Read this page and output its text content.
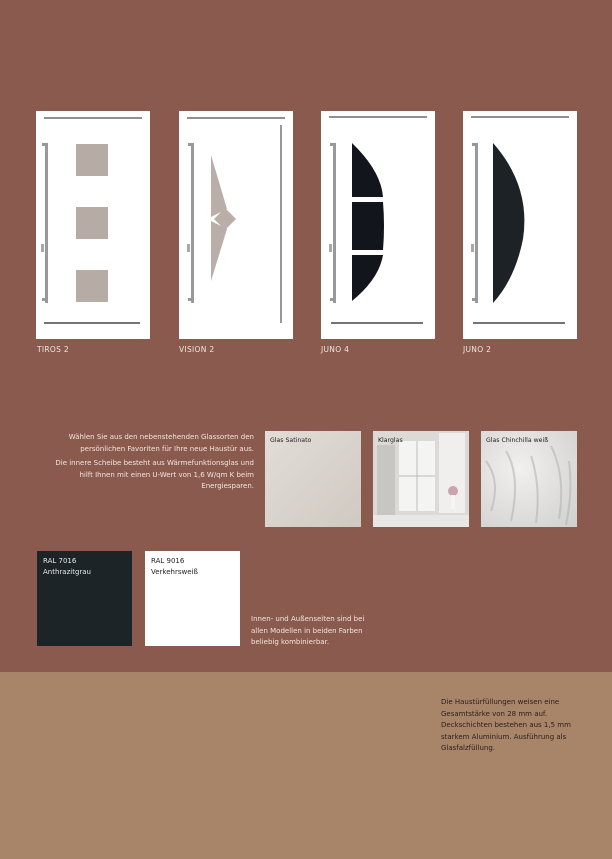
TIROS 2	VISION 2	JUNO 4	JUNO 2

Wählen Sie aus den nebenstehenden Glassorten den persönlichen Favoriten für Ihre neue Haustür aus.

Die innere Scheibe besteht aus Wärmefunktionsglas und hilft Ihnen mit einen U-Wert von 1,6 W/qm K beim Energiesparen.

Glas Satinato	Klarglas	Glas Chinchilla weiß
RAL 7016
Anthrazitgrau
RAL 9016
Verkehrsweiß
Innen- und Außenseiten sind bei allen Modellen in beiden Farben beliebig kombinierbar.
Die Haustürfüllungen weisen eine Gesamtstärke von 28 mm auf. Deckschichten bestehen aus 1,5 mm starkem Aluminium. Ausführung als Glasfalzfüllung.
